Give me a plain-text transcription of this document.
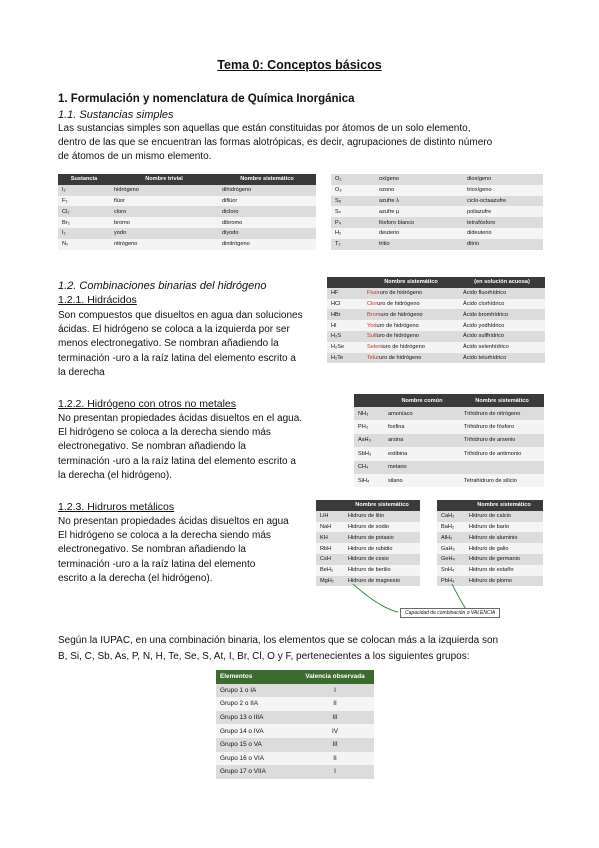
Tema 0: Conceptos básicos
1. Formulación y nomenclatura de Química Inorgánica
1.1. Sustancias simples
Las sustancias simples son aquellas que están constituidas por átomos de un solo elemento,
dentro de las que se encuentran las formas alotrópicas, es decir, agrupaciones de distinto número
de átomos de un mismo elemento.
Sustancia	Nombre trivial	Nombre sistemático
I₂	hidrógeno	dihidrógeno
F₂	flúor	diflúor
Cl₂	cloro	dicloro
Br₂	bromo	dibromo
I₂	yodo	diyodo
N₂	nitrógeno	dinitrógeno
O₂	oxígeno	dioxígeno
O₃	ozono	trioxígeno
S₈	azufre λ	ciclo-octaazufre
Sₙ	azufre μ	poliazufre
P₄	fósforo blanco	tetrafósforo
H₂	deuterio	dideuterio
T₂	tritio	ditrio
1.2. Combinaciones binarias del hidrógeno
1.2.1. Hidrácidos
Son compuestos que disueltos en agua dan soluciones
ácidas. El hidrógeno se coloca a la izquierda por ser
menos electronegativo. Se nombran añadiendo la
terminación -uro a la raíz latina del elemento escrito a
la derecha
	Nombre sistemático	(en solución acuosa)
HF	Fluoruro de hidrógeno	Ácido fluorhídrico
HCl	Cloruro de hidrógeno	Ácido clorhídrico
HBr	Bromuro de hidrógeno	Ácido bromhídrico
HI	Yoduro de hidrógeno	Ácido yodhídrico
H₂S	Sulfuro de hidrógeno	Ácido sulfhídrico
H₂Se	Seleniuro de hidrógeno	Ácido selenhídrico
H₂Te	Telururo de hidrógeno	Ácido telurhídrico
1.2.2. Hidrógeno con otros no metales
No presentan propiedades ácidas disueltos en el agua.
El hidrógeno se coloca a la derecha siendo más
electronegativo. Se nombran añadiendo la
terminación -uro a la raíz latina del elemento escrito a
la derecha (el hidrógeno).
	Nombre común	Nombre sistemático
NH₃	amoníaco	Trihidruro de nitrógeno
PH₃	fosfina	Trihidruro de fósforo
AsH₃	arsina	Trihidruro de arsenio
SbH₃	estibina	Trihidruro de antimonio
CH₄	metano	
SiH₄	silano	Tetrahidruro de silicio
1.2.3. Hidruros metálicos
No presentan propiedades ácidas disueltos en agua
El hidrógeno se coloca a la derecha siendo más
electronegativo. Se nombran añadiendo la
terminación -uro a la raíz latina del elemento
escrito a la derecha (el hidrógeno).
	Nombre sistemático
LiH	Hidruro de litio
NaH	Hidruro de sodio
KH	Hidruro de potasio
RbH	Hidruro de rubidio
CsH	Hidruro de cesio
BeH₂	Hidruro de berilio
MgH₂	Hidruro de magnesio
	Nombre sistemático
CaH₂	Hidruro de calcio
BaH₂	Hidruro de bario
AlH₃	Hidruro de aluminio
GaH₃	Hidruro de galio
GeH₄	Hidruro de germanio
SnH₄	Hidruro de estaño
PbH₄	Hidruro de plomo
Capacidad de combinación o VALENCIA
Según la IUPAC, en una combinación binaria, los elementos que se colocan más a la izquierda son
B, Si, C, Sb, As, P, N, H, Te, Se, S, At, I, Br, Cl, O y F, pertenecientes a los siguientes grupos:
Elementos	Valencia observada
Grupo 1 o IA	I
Grupo 2 o IIA	II
Grupo 13 o IIIA	III
Grupo 14 o IVA	IV
Grupo 15 o VA	III
Grupo 16 o VIA	II
Grupo 17 o VIIA	I
